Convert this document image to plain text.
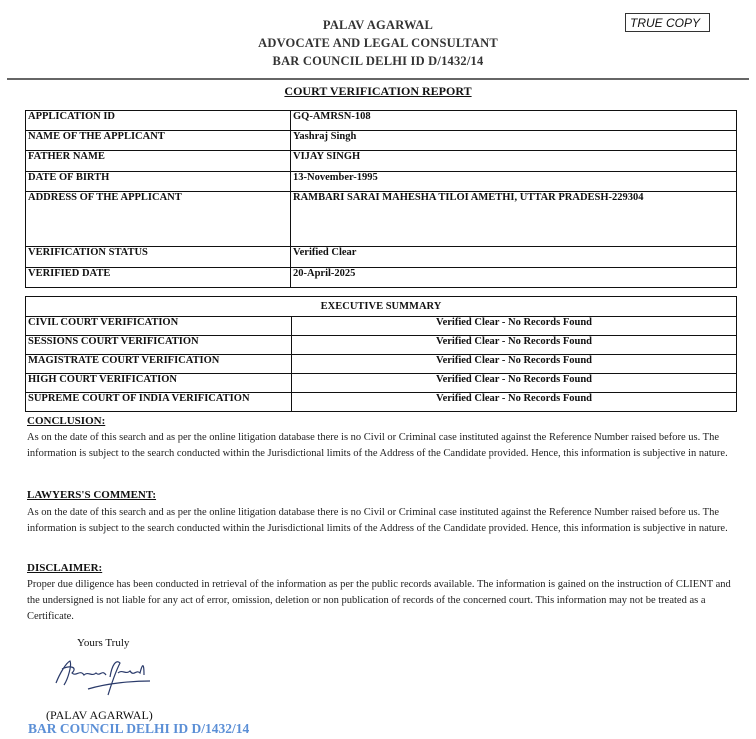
PALAV AGARWAL
ADVOCATE AND LEGAL CONSULTANT
BAR COUNCIL DELHI ID D/1432/14
TRUE COPY
COURT VERIFICATION REPORT
APPLICATION ID	GQ-AMRSN-108
NAME OF THE APPLICANT	Yashraj Singh
FATHER NAME	VIJAY SINGH
DATE OF BIRTH	13-November-1995
ADDRESS OF THE APPLICANT	RAMBARI SARAI MAHESHA TILOI AMETHI, UTTAR PRADESH-229304
VERIFICATION STATUS	Verified Clear
VERIFIED DATE	20-April-2025
EXECUTIVE SUMMARY	
CIVIL COURT VERIFICATION	Verified Clear - No Records Found
SESSIONS COURT VERIFICATION	Verified Clear - No Records Found
MAGISTRATE COURT VERIFICATION	Verified Clear - No Records Found
HIGH COURT VERIFICATION	Verified Clear - No Records Found
SUPREME COURT OF INDIA VERIFICATION	Verified Clear - No Records Found
CONCLUSION:
As on the date of this search and as per the online litigation database there is no Civil or Criminal case instituted against the Reference Number raised before us. The information is subject to the search conducted within the Jurisdictional limits of the Address of the Candidate provided. Hence, this information is subjective in nature.
LAWYERS'S COMMENT:
As on the date of this search and as per the online litigation database there is no Civil or Criminal case instituted against the Reference Number raised before us. The information is subject to the search conducted within the Jurisdictional limits of the Address of the Candidate provided. Hence, this information is subjective in nature.
DISCLAIMER:
Proper due diligence has been conducted in retrieval of the information as per the public records available. The information is gained on the instruction of CLIENT and the undersigned is not liable for any act of error, omission, deletion or non publication of records of the concerned court. This information may not be treated as a Certificate.
Yours Truly
(PALAV AGARWAL)
BAR COUNCIL DELHI ID D/1432/14
